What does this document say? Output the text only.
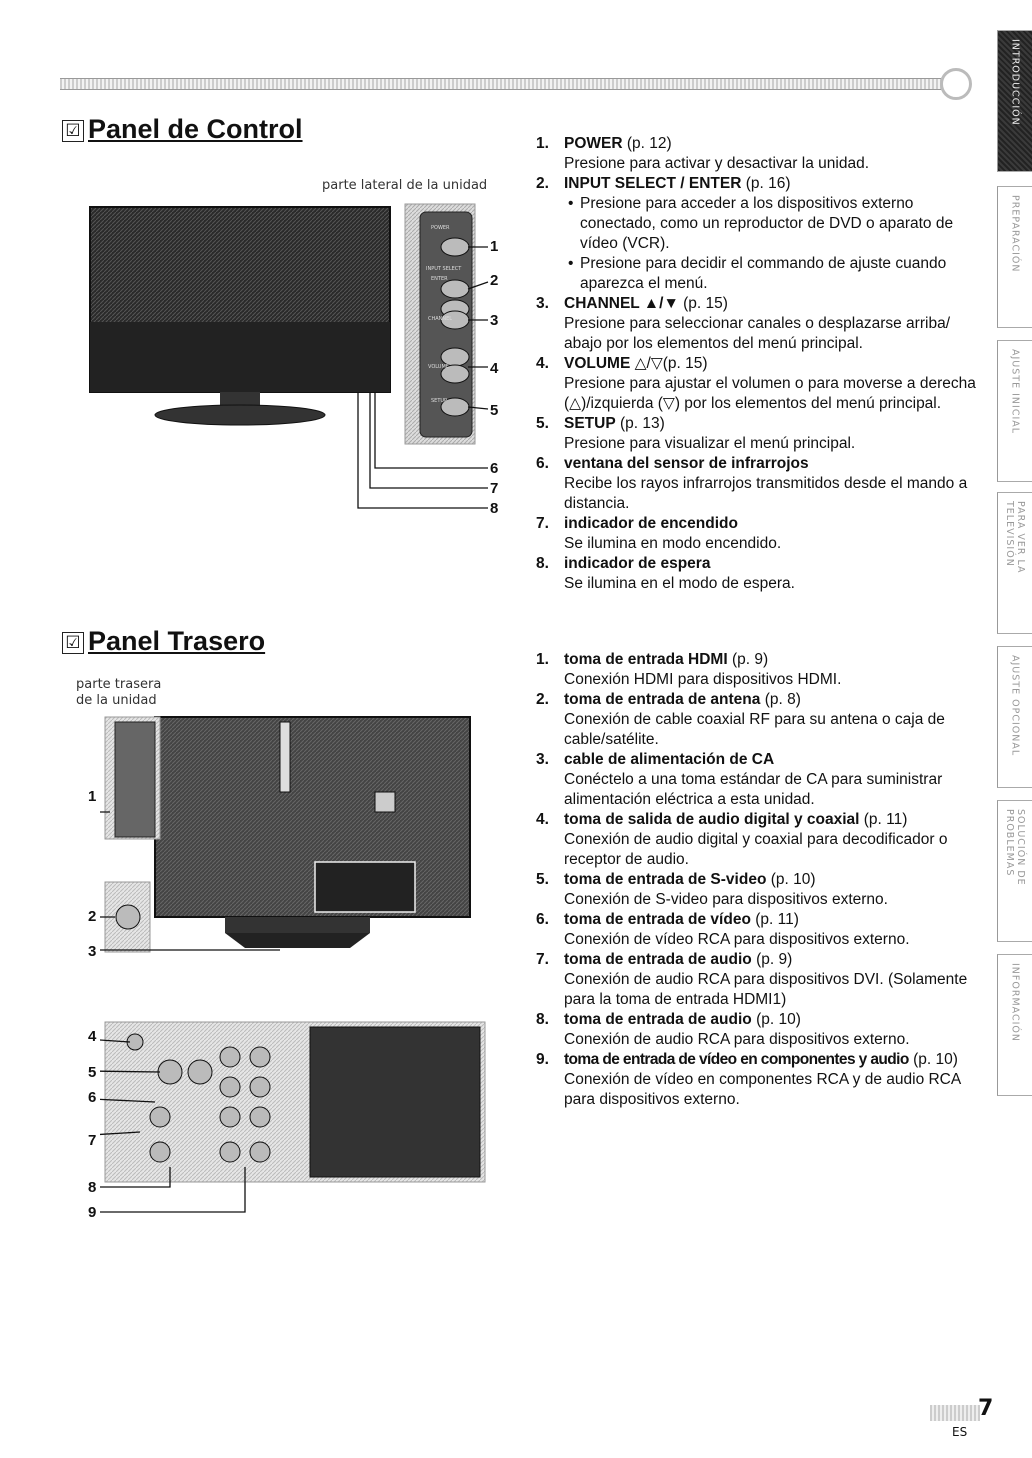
☑ Panel de Control
parte lateral de la unidad
1
2
3
4
5
6
7
8
POWER
INPUT SELECT
ENTER
CHANNEL
VOLUME
SETUP
1. POWER (p. 12)
Presione para activar y desactivar la unidad.
2. INPUT SELECT / ENTER (p. 16)
• Presione para acceder a los dispositivos externo conectado, como un reproductor de DVD o aparato de vídeo (VCR).
• Presione para decidir el commando de ajuste cuando aparezca el menú.
3. CHANNEL ▲/▼ (p. 15)
Presione para seleccionar canales o desplazarse arriba/ abajo por los elementos del menú principal.
4. VOLUME △/▽(p. 15)
Presione para ajustar el volumen o para moverse a derecha (△)/izquierda (▽) por los elementos del menú principal.
5. SETUP (p. 13)
Presione para visualizar el menú principal.
6. ventana del sensor de infrarrojos
Recibe los rayos infrarrojos transmitidos desde el mando a distancia.
7. indicador de encendido
Se ilumina en modo encendido.
8. indicador de espera
Se ilumina en el modo de espera.
☑ Panel Trasero
parte trasera
de la unidad
1
2
3
4
5
6
7
8
9
1. toma de entrada HDMI (p. 9)
Conexión HDMI para dispositivos HDMI.
2. toma de entrada de antena (p. 8)
Conexión de cable coaxial RF para su antena o caja de cable/satélite.
3. cable de alimentación de CA
Conéctelo a una toma estándar de CA para suministrar alimentación eléctrica a esta unidad.
4. toma de salida de audio digital y coaxial (p. 11)
Conexión de audio digital y coaxial para decodificador o receptor de audio.
5. toma de entrada de S-video (p. 10)
Conexión de S-video para dispositivos externo.
6. toma de entrada de vídeo (p. 11)
Conexión de vídeo RCA para dispositivos externo.
7. toma de entrada de audio (p. 9)
Conexión de audio RCA para dispositivos DVI. (Solamente para la toma de entrada HDMI1)
8. toma de entrada de audio (p. 10)
Conexión de audio RCA para dispositivos externo.
9. toma de entrada de vídeo en componentes y audio (p. 10)
Conexión de vídeo en componentes RCA y de audio RCA para dispositivos externo.
INTRODUCCIÓN
PREPARACIÓN
AJUSTE INICIAL
PARA VER LA TELEVISIÓN
AJUSTE OPCIONAL
SOLUCIÓN DE PROBLEMAS
INFORMACIÓN
7
ES
